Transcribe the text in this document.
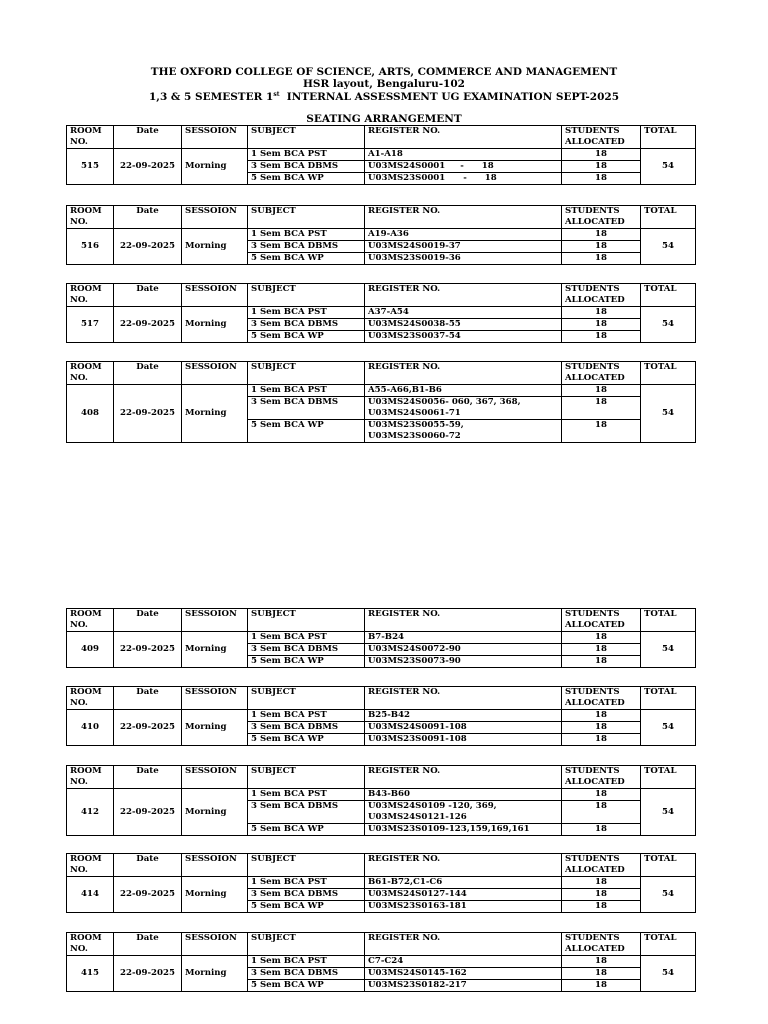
THE OXFORD COLLEGE OF SCIENCE, ARTS, COMMERCE AND MANAGEMENT
HSR layout, Bengaluru-102
1,3 & 5 SEMESTER 1st  INTERNAL ASSESSMENT UG EXAMINATION SEPT-2025
SEATING ARRANGEMENT
ROOM NO.	Date	SESSOION	SUBJECT	REGISTER NO.	STUDENTS ALLOCATED	TOTAL
515	22-09-2025	Morning	1 Sem BCA PST	A1-A18	18	54
			3 Sem BCA DBMS	U03MS24S0001     -      18	18	
			5 Sem BCA WP	U03MS23S0001      -      18	18	
ROOM NO.	Date	SESSOION	SUBJECT	REGISTER NO.	STUDENTS ALLOCATED	TOTAL
516	22-09-2025	Morning	1 Sem BCA PST	A19-A36	18	54
			3 Sem BCA DBMS	U03MS24S0019-37	18	
			5 Sem BCA WP	U03MS23S0019-36	18	
ROOM NO.	Date	SESSOION	SUBJECT	REGISTER NO.	STUDENTS ALLOCATED	TOTAL
517	22-09-2025	Morning	1 Sem BCA PST	A37-A54	18	54
			3 Sem BCA DBMS	U03MS24S0038-55	18	
			5 Sem BCA WP	U03MS23S0037-54	18	
ROOM NO.	Date	SESSOION	SUBJECT	REGISTER NO.	STUDENTS ALLOCATED	TOTAL
408	22-09-2025	Morning	1 Sem BCA PST	A55-A66,B1-B6	18	54
			3 Sem BCA DBMS	U03MS24S0056- 060, 367, 368, U03MS24S0061-71	18	
			5 Sem BCA WP	U03MS23S0055-59, U03MS23S0060-72	18	
ROOM NO.	Date	SESSOION	SUBJECT	REGISTER NO.	STUDENTS ALLOCATED	TOTAL
409	22-09-2025	Morning	1 Sem BCA PST	B7-B24	18	54
			3 Sem BCA DBMS	U03MS24S0072-90	18	
			5 Sem BCA WP	U03MS23S0073-90	18	
ROOM NO.	Date	SESSOION	SUBJECT	REGISTER NO.	STUDENTS ALLOCATED	TOTAL
410	22-09-2025	Morning	1 Sem BCA PST	B25-B42	18	54
			3 Sem BCA DBMS	U03MS24S0091-108	18	
			5 Sem BCA WP	U03MS23S0091-108	18	
ROOM NO.	Date	SESSOION	SUBJECT	REGISTER NO.	STUDENTS ALLOCATED	TOTAL
412	22-09-2025	Morning	1 Sem BCA PST	B43-B60	18	54
			3 Sem BCA DBMS	U03MS24S0109 -120, 369, U03MS24S0121-126	18	
			5 Sem BCA WP	U03MS23S0109-123,159,169,161	18	
ROOM NO.	Date	SESSOION	SUBJECT	REGISTER NO.	STUDENTS ALLOCATED	TOTAL
414	22-09-2025	Morning	1 Sem BCA PST	B61-B72,C1-C6	18	54
			3 Sem BCA DBMS	U03MS24S0127-144	18	
			5 Sem BCA WP	U03MS23S0163-181	18	
ROOM NO.	Date	SESSOION	SUBJECT	REGISTER NO.	STUDENTS ALLOCATED	TOTAL
415	22-09-2025	Morning	1 Sem BCA PST	C7-C24	18	54
			3 Sem BCA DBMS	U03MS24S0145-162	18	
			5 Sem BCA WP	U03MS23S0182-217	18	
